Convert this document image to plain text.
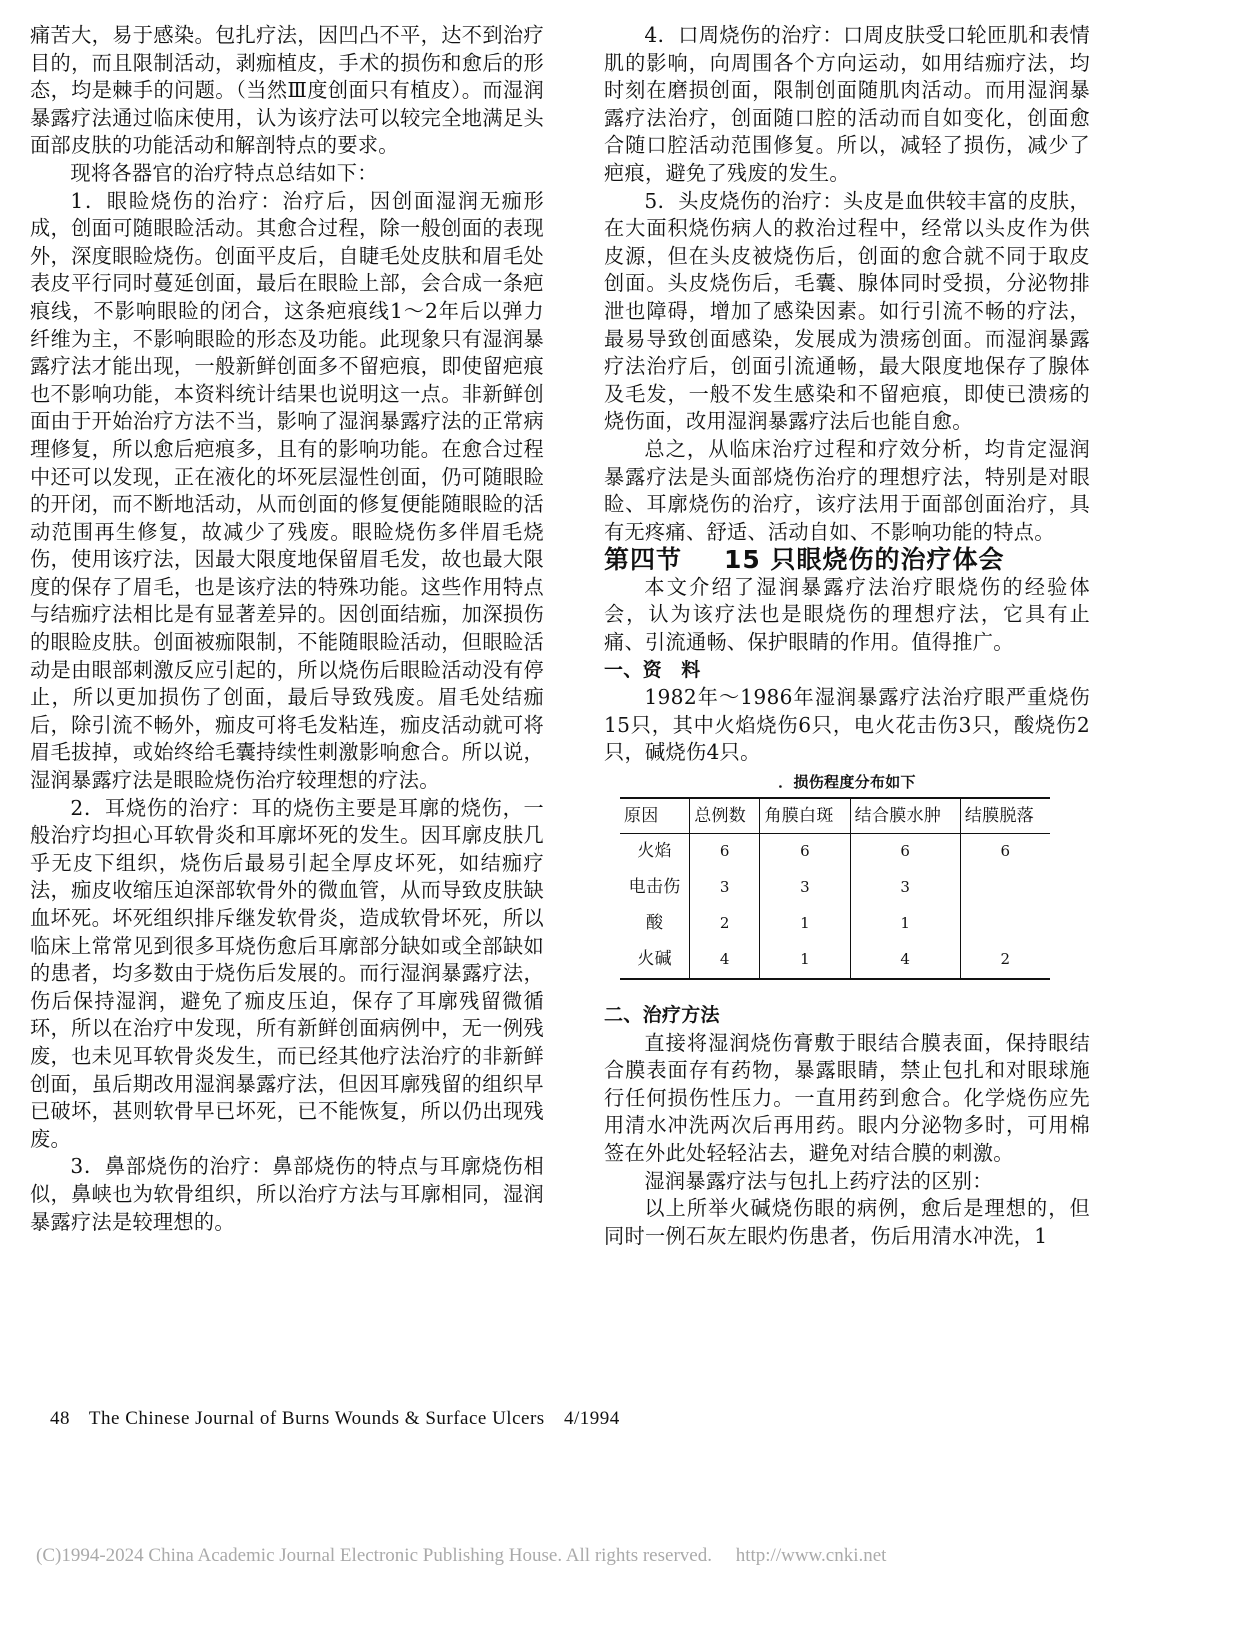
痛苦大，易于感染。包扎疗法，因凹凸不平，达不到治疗目的，而且限制活动，剥痂植皮，手术的损伤和愈后的形态，均是棘手的问题。（当然Ⅲ度创面只有植皮）。而湿润暴露疗法通过临床使用，认为该疗法可以较完全地满足头面部皮肤的功能活动和解剖特点的要求。

现将各器官的治疗特点总结如下：

1．眼睑烧伤的治疗：治疗后，因创面湿润无痂形成，创面可随眼睑活动。其愈合过程，除一般创面的表现外，深度眼睑烧伤。创面平皮后，自睫毛处皮肤和眉毛处表皮平行同时蔓延创面，最后在眼睑上部，会合成一条疤痕线，不影响眼睑的闭合，这条疤痕线1～2年后以弹力纤维为主，不影响眼睑的形态及功能。此现象只有湿润暴露疗法才能出现，一般新鲜创面多不留疤痕，即使留疤痕也不影响功能，本资料统计结果也说明这一点。非新鲜创面由于开始治疗方法不当，影响了湿润暴露疗法的正常病理修复，所以愈后疤痕多，且有的影响功能。在愈合过程中还可以发现，正在液化的坏死层湿性创面，仍可随眼睑的开闭，而不断地活动，从而创面的修复便能随眼睑的活动范围再生修复，故减少了残废。眼睑烧伤多伴眉毛烧伤，使用该疗法，因最大限度地保留眉毛发，故也最大限度的保存了眉毛，也是该疗法的特殊功能。这些作用特点与结痂疗法相比是有显著差异的。因创面结痂，加深损伤的眼睑皮肤。创面被痂限制，不能随眼睑活动，但眼睑活动是由眼部刺激反应引起的，所以烧伤后眼睑活动没有停止，所以更加损伤了创面，最后导致残废。眉毛处结痂后，除引流不畅外，痂皮可将毛发粘连，痂皮活动就可将眉毛拔掉，或始终给毛囊持续性刺激影响愈合。所以说，湿润暴露疗法是眼睑烧伤治疗较理想的疗法。

2．耳烧伤的治疗：耳的烧伤主要是耳廓的烧伤，一般治疗均担心耳软骨炎和耳廓坏死的发生。因耳廓皮肤几乎无皮下组织，烧伤后最易引起全厚皮坏死，如结痂疗法，痂皮收缩压迫深部软骨外的微血管，从而导致皮肤缺血坏死。坏死组织排斥继发软骨炎，造成软骨坏死，所以临床上常常见到很多耳烧伤愈后耳廓部分缺如或全部缺如的患者，均多数由于烧伤后发展的。而行湿润暴露疗法，伤后保持湿润，避免了痂皮压迫，保存了耳廓残留微循环，所以在治疗中发现，所有新鲜创面病例中，无一例残废，也未见耳软骨炎发生，而已经其他疗法治疗的非新鲜创面，虽后期改用湿润暴露疗法，但因耳廓残留的组织早已破坏，甚则软骨早已坏死，已不能恢复，所以仍出现残废。

3．鼻部烧伤的治疗：鼻部烧伤的特点与耳廓烧伤相似，鼻峡也为软骨组织，所以治疗方法与耳廓相同，湿润暴露疗法是较理想的。

4．口周烧伤的治疗：口周皮肤受口轮匝肌和表情肌的影响，向周围各个方向运动，如用结痂疗法，均时刻在磨损创面，限制创面随肌肉活动。而用湿润暴露疗法治疗，创面随口腔的活动而自如变化，创面愈合随口腔活动范围修复。所以，减轻了损伤，减少了疤痕，避免了残废的发生。

5．头皮烧伤的治疗：头皮是血供较丰富的皮肤，在大面积烧伤病人的救治过程中，经常以头皮作为供皮源，但在头皮被烧伤后，创面的愈合就不同于取皮创面。头皮烧伤后，毛囊、腺体同时受损，分泌物排泄也障碍，增加了感染因素。如行引流不畅的疗法，最易导致创面感染，发展成为溃疡创面。而湿润暴露疗法治疗后，创面引流通畅，最大限度地保存了腺体及毛发，一般不发生感染和不留疤痕，即使已溃疡的烧伤面，改用湿润暴露疗法后也能自愈。

总之，从临床治疗过程和疗效分析，均肯定湿润暴露疗法是头面部烧伤治疗的理想疗法，特别是对眼睑、耳廓烧伤的治疗，该疗法用于面部创面治疗，具有无疼痛、舒适、活动自如、不影响功能的特点。

第四节 15 只眼烧伤的治疗体会

本文介绍了湿润暴露疗法治疗眼烧伤的经验体会，认为该疗法也是眼烧伤的理想疗法，它具有止痛、引流通畅、保护眼睛的作用。值得推广。

一、资　料

1982年～1986年湿润暴露疗法治疗眼严重烧伤15只，其中火焰烧伤6只，电火花击伤3只，酸烧伤2只，碱烧伤4只。

．损伤程度分布如下
原因	总例数	角膜白斑	结合膜水肿	结膜脱落
火焰	6	6	6	6
电击伤	3	3	3	
酸	2	1	1	
火碱	4	1	4	2

二、治疗方法

直接将湿润烧伤膏敷于眼结合膜表面，保持眼结合膜表面存有药物，暴露眼睛，禁止包扎和对眼球施行任何损伤性压力。一直用药到愈合。化学烧伤应先用清水冲洗两次后再用药。眼内分泌物多时，可用棉签在外此处轻轻沾去，避免对结合膜的刺激。

湿润暴露疗法与包扎上药疗法的区别：

以上所举火碱烧伤眼的病例，愈后是理想的，但同时一例石灰左眼灼伤患者，伤后用清水冲洗，1

48 The Chinese Journal of Burns Wounds & Surface Ulcers 4/1994
(C)1994-2024 China Academic Journal Electronic Publishing House. All rights reserved.　 http://www.cnki.net
